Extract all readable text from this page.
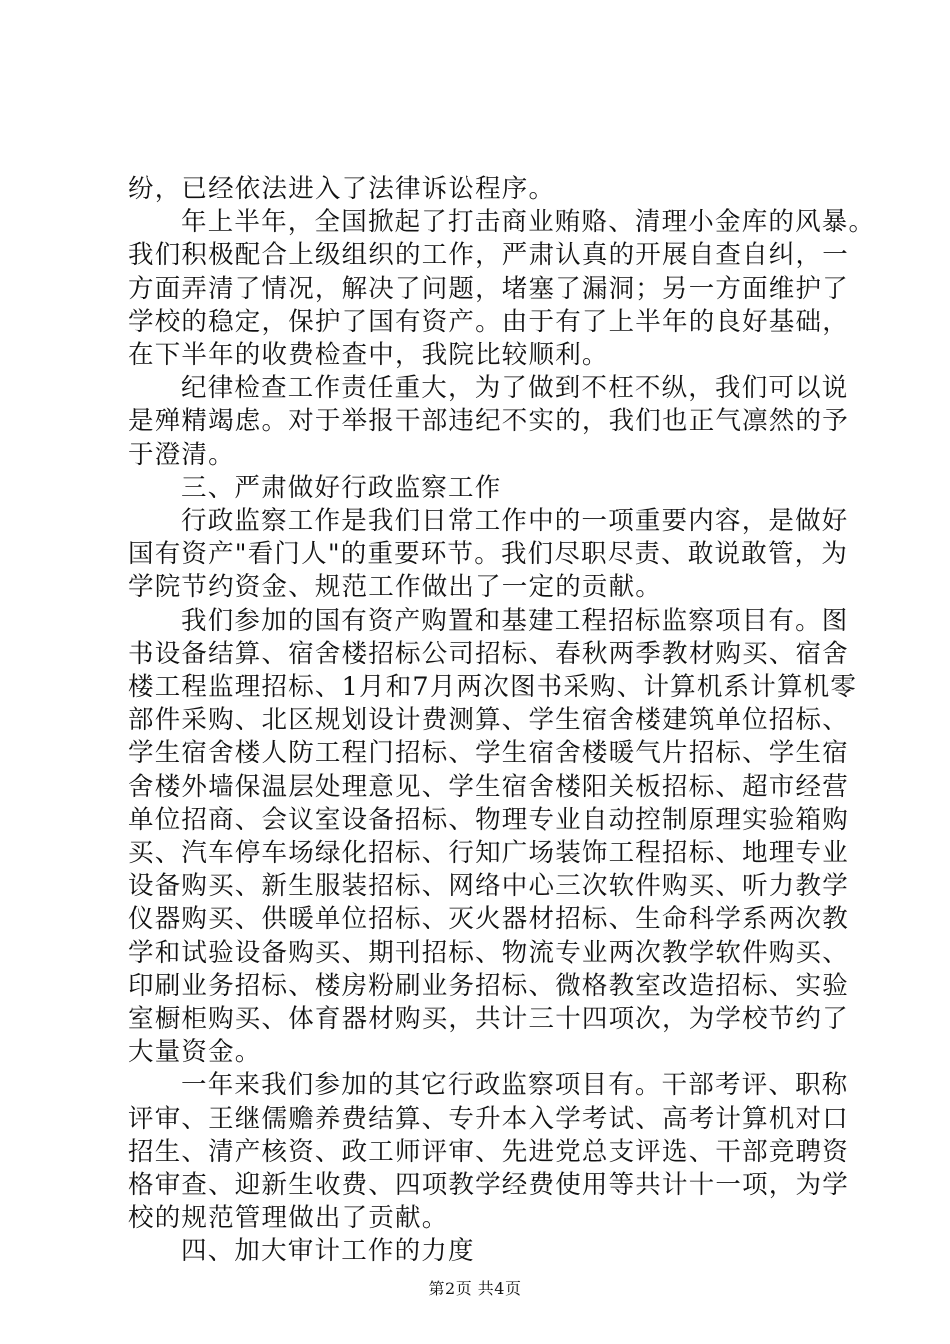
纷，已经依法进入了法律诉讼程序。
年上半年，全国掀起了打击商业贿赂、清理小金库的风暴。
我们积极配合上级组织的工作，严肃认真的开展自查自纠，一
方面弄清了情况，解决了问题，堵塞了漏洞；另一方面维护了
学校的稳定，保护了国有资产。由于有了上半年的良好基础，
在下半年的收费检查中，我院比较顺利。
纪律检查工作责任重大，为了做到不枉不纵，我们可以说
是殚精竭虑。对于举报干部违纪不实的，我们也正气凛然的予
于澄清。
三、严肃做好行政监察工作
行政监察工作是我们日常工作中的一项重要内容，是做好
国有资产"看门人"的重要环节。我们尽职尽责、敢说敢管，为
学院节约资金、规范工作做出了一定的贡献。
我们参加的国有资产购置和基建工程招标监察项目有。图
书设备结算、宿舍楼招标公司招标、春秋两季教材购买、宿舍
楼工程监理招标、1月和7月两次图书采购、计算机系计算机零
部件采购、北区规划设计费测算、学生宿舍楼建筑单位招标、
学生宿舍楼人防工程门招标、学生宿舍楼暖气片招标、学生宿
舍楼外墙保温层处理意见、学生宿舍楼阳关板招标、超市经营
单位招商、会议室设备招标、物理专业自动控制原理实验箱购
买、汽车停车场绿化招标、行知广场装饰工程招标、地理专业
设备购买、新生服装招标、网络中心三次软件购买、听力教学
仪器购买、供暖单位招标、灭火器材招标、生命科学系两次教
学和试验设备购买、期刊招标、物流专业两次教学软件购买、
印刷业务招标、楼房粉刷业务招标、微格教室改造招标、实验
室橱柜购买、体育器材购买，共计三十四项次，为学校节约了
大量资金。
一年来我们参加的其它行政监察项目有。干部考评、职称
评审、王继儒赡养费结算、专升本入学考试、高考计算机对口
招生、清产核资、政工师评审、先进党总支评选、干部竞聘资
格审查、迎新生收费、四项教学经费使用等共计十一项，为学
校的规范管理做出了贡献。
四、加大审计工作的力度
第2页 共4页
